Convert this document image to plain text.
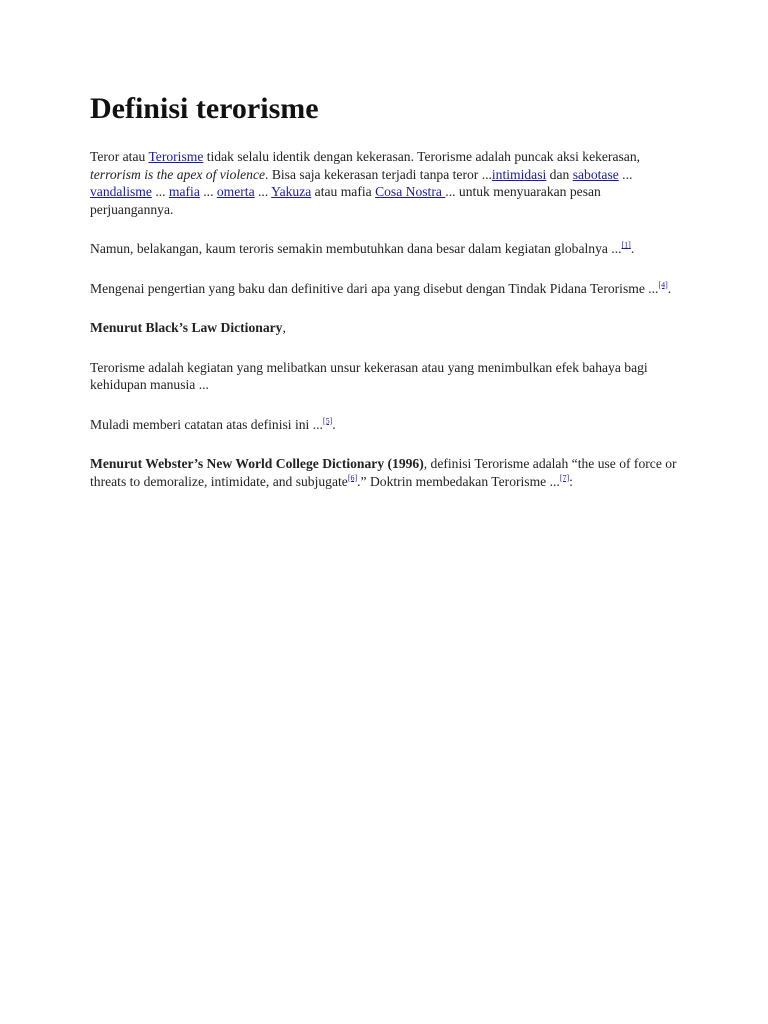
Definisi terorisme

Teror atau Terorisme tidak selalu identik dengan kekerasan. Terorisme adalah puncak aksi kekerasan, terrorism is the apex of violence. Bisa saja kekerasan terjadi tanpa teror ...intimidasi dan sabotase ... vandalisme ... mafia ... omerta ... Yakuza atau mafia Cosa Nostra ... untuk menyuarakan pesan perjuangannya.

Namun, belakangan, kaum teroris semakin membutuhkan dana besar dalam kegiatan globalnya ...[1].

Mengenai pengertian yang baku dan definitive dari apa yang disebut dengan Tindak Pidana Terorisme ...[4].

Menurut Black’s Law Dictionary,

Terorisme adalah kegiatan yang melibatkan unsur kekerasan atau yang menimbulkan efek bahaya bagi kehidupan manusia ...

Muladi memberi catatan atas definisi ini ...[5].

Menurut Webster’s New World College Dictionary (1996), definisi Terorisme adalah “the use of force or threats to demoralize, intimidate, and subjugate[6].” Doktrin membedakan Terorisme ...[7]:
